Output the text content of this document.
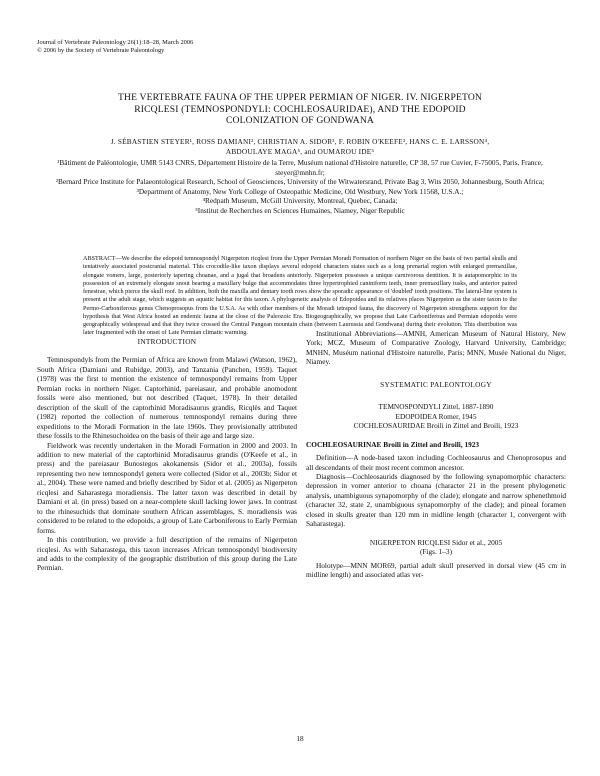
Journal of Vertebrate Paleontology 26(1):18–28, March 2006
© 2006 by the Society of Vertebrate Paleontology
THE VERTEBRATE FAUNA OF THE UPPER PERMIAN OF NIGER. IV. NIGERPETON
RICQLESI (TEMNOSPONDYLI: COCHLEOSAURIDAE), AND THE EDOPOID
COLONIZATION OF GONDWANA
J. SÉBASTIEN STEYER¹, ROSS DAMIANI², CHRISTIAN A. SIDOR³, F. ROBIN O'KEEFE³, HANS C. E. LARSSON⁴,
ABDOULAYE MAGA⁵, and OUMAROU IDE⁵
¹Bâtiment de Paléontologie, UMR 5143 CNRS, Département Histoire de la Terre, Muséum national d'Histoire naturelle, CP 38, 57 rue Cuvier, F-75005, Paris, France, steyer@mnhn.fr;
²Bernard Price Institute for Palaeontological Research, School of Geosciences, University of the Witwatersrand, Private Bag 3, Wits 2050, Johannesburg, South Africa;
³Department of Anatomy, New York College of Osteopathic Medicine, Old Westbury, New York 11568, U.S.A.;
⁴Redpath Museum, McGill University, Montreal, Quebec, Canada;
⁵Institut de Recherches en Sciences Humaines, Niamey, Niger Republic
ABSTRACT—We describe the edopoid temnospondyl Nigerpeton ricqlesi from the Upper Permian Moradi Formation of northern Niger on the basis of two partial skulls and tentatively associated postcranial material. This crocodile-like taxon displays several edopoid characters states such as a long prenarial region with enlarged premaxillae, elongate vomers, large, posteriorly tapering choanae, and a jugal that broadens anteriorly. Nigerpeton possesses a unique carnivorous dentition. It is autapomorphic in its possession of an extremely elongate snout bearing a maxillary bulge that accommodates three hypertrophied caniniform teeth, inner premaxillary tusks, and anterior paired fenestrae, which pierce the skull roof. In addition, both the maxilla and dentary tooth rows show the sporadic appearance of 'doubled' tooth positions. The lateral-line system is present at the adult stage, which suggests an aquatic habitat for this taxon. A phylogenetic analysis of Edopoidea and its relatives places Nigerpeton as the sister taxon to the Permo-Carboniferous genus Chenoprosopus from the U.S.A. As with other members of the Moradi tetrapod fauna, the discovery of Nigerpeton strengthens support for the hypothesis that West Africa hosted an endemic fauna at the close of the Paleozoic Era. Biogeographically, we propose that Late Carboniferous and Permian edopoids were geographically widespread and that they twice crossed the Central Pangean mountain chain (between Laurussia and Gondwana) during their evolution. This distribution was later fragmented with the onset of Late Permian climatic warming.

INTRODUCTION

Temnospondyls from the Permian of Africa are known from Malawi (Watson, 1962), South Africa (Damiani and Rubidge, 2003), and Tanzania (Panchen, 1959). Taquet (1978) was the first to mention the existence of temnospondyl remains from Upper Permian rocks in northern Niger. Captorhinid, pareiasaur, and probable anomodont fossils were also mentioned, but not described (Taquet, 1978). In their detailed description of the skull of the captorhinid Moradisaurus grandis, Ricqlès and Taquet (1982) reported the collection of numerous temnospondyl remains during three expeditions to the Moradi Formation in the late 1960s. They provisionally attributed these fossils to the Rhinesuchoidea on the basis of their age and large size.

Fieldwork was recently undertaken in the Moradi Formation in 2000 and 2003. In addition to new material of the captorhinid Moradisaurus grandis (O'Keefe et al., in press) and the pareiasaur Bunostegos akokanensis (Sidor et al., 2003a), fossils representing two new temnospondyl genera were collected (Sidor et al., 2003b; Sidor et al., 2004). These were named and briefly described by Sidor et al. (2005) as Nigerpeton ricqlesi and Saharastega moradiensis. The latter taxon was described in detail by Damiani et al. (in press) based on a near-complete skull lacking lower jaws. In contrast to the rhinesuchids that dominate southern African assemblages, S. moradiensis was considered to be related to the edopoids, a group of Late Carboniferous to Early Permian forms.

In this contribution, we provide a full description of the remains of Nigerpeton ricqlesi. As with Saharastega, this taxon increases African temnospondyl biodiversity and adds to the complexity of the geographic distribution of this group during the Late Permian.

Institutional Abbreviations—AMNH, American Museum of Natural History, New York; MCZ, Museum of Comparative Zoology, Harvard University, Cambridge; MNHN, Muséum national d'Histoire naturelle, Paris; MNN, Musée National du Niger, Niamey.

SYSTEMATIC PALEONTOLOGY

TEMNOSPONDYLI Zittel, 1887-1890

EDOPOIDEA Romer, 1945

COCHLEOSAURIDAE Broili in Zittel and Broili, 1923

COCHLEOSAURINAE Broili in Zittel and Broili, 1923

Definition—A node-based taxon including Cochleosaurus and Chenoprosopus and all descendants of their most recent common ancestor.

Diagnosis—Cochleosaurids diagnosed by the following synapomorphic characters: depression in vomer anterior to choana (character 21 in the present phylogenetic analysis, unambiguous synapomorphy of the clade); elongate and narrow sphenethmoid (character 32, state 2, unambiguous synapomorphy of the clade); and pineal foramen closed in skulls greater than 120 mm in midline length (character 1, convergent with Saharastega).

NIGERPETON RICQLESI Sidor et al., 2005

(Figs. 1–3)

Holotype—MNN MOR69, partial adult skull preserved in dorsal view (45 cm in midline length) and associated atlas ver-

18
